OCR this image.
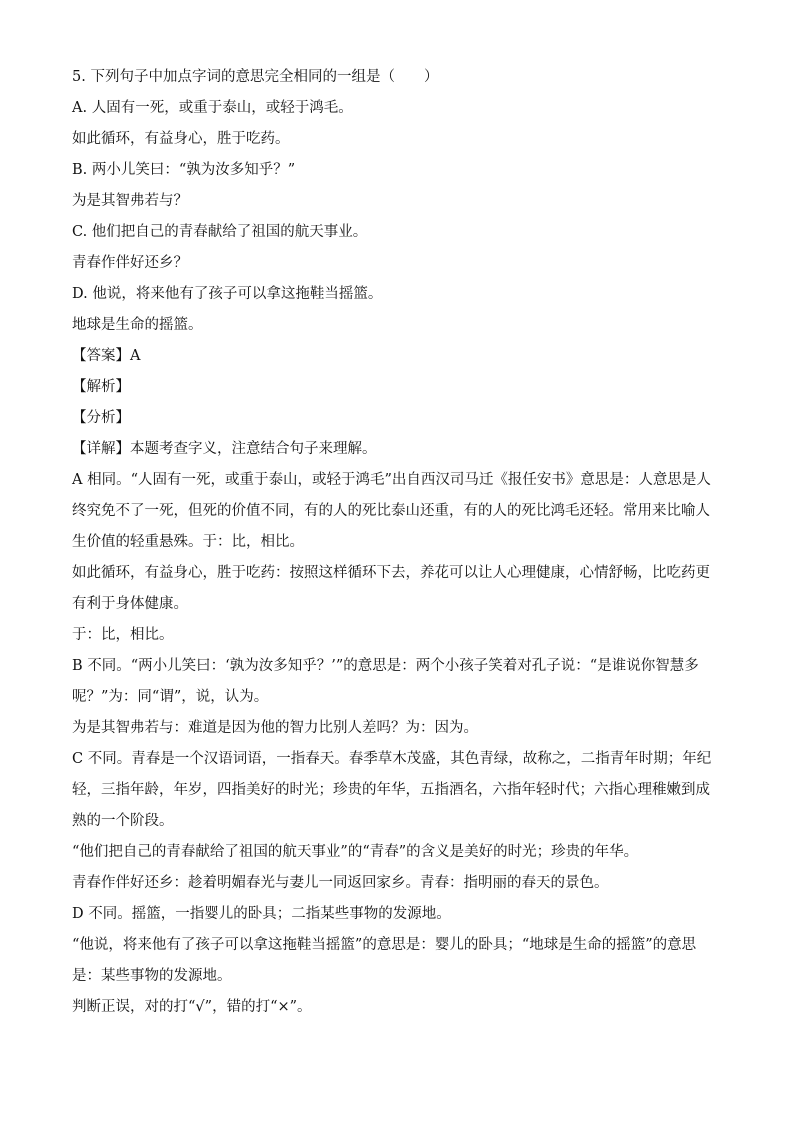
5. 下列句子中加点字词的意思完全相同的一组是（　　）
A. 人固有一死，或重于泰山，或轻于鸿毛。
如此循环，有益身心，胜于吃药。
B. 两小儿笑曰：“孰为汝多知乎？”
为是其智弗若与？
C. 他们把自己的青春献给了祖国的航天事业。
青春作伴好还乡？
D. 他说，将来他有了孩子可以拿这拖鞋当摇篮。
地球是生命的摇篮。
【答案】A
【解析】
【分析】
【详解】本题考查字义，注意结合句子来理解。
A 相同。“人固有一死，或重于泰山，或轻于鸿毛”出自西汉司马迁《报任安书》意思是：人意思是人终究免不了一死，但死的价值不同，有的人的死比泰山还重，有的人的死比鸿毛还轻。常用来比喻人生价值的轻重悬殊。于：比，相比。
如此循环，有益身心，胜于吃药：按照这样循环下去，养花可以让人心理健康，心情舒畅，比吃药更有利于身体健康。
于：比，相比。
B 不同。“两小儿笑曰：‘孰为汝多知乎？’”的意思是：两个小孩子笑着对孔子说：“是谁说你智慧多呢？”为：同“谓”，说，认为。
为是其智弗若与：难道是因为他的智力比别人差吗？为：因为。
C 不同。青春是一个汉语词语，一指春天。春季草木茂盛，其色青绿，故称之，二指青年时期；年纪轻，三指年龄，年岁，四指美好的时光；珍贵的年华，五指酒名，六指年轻时代；六指心理稚嫩到成熟的一个阶段。
“他们把自己的青春献给了祖国的航天事业”的“青春”的含义是美好的时光；珍贵的年华。
青春作伴好还乡：趁着明媚春光与妻儿一同返回家乡。青春：指明丽的春天的景色。
D 不同。摇篮，一指婴儿的卧具；二指某些事物的发源地。
“他说，将来他有了孩子可以拿这拖鞋当摇篮”的意思是：婴儿的卧具；“地球是生命的摇篮”的意思是：某些事物的发源地。
判断正误，对的打“√”，错的打“×”。
